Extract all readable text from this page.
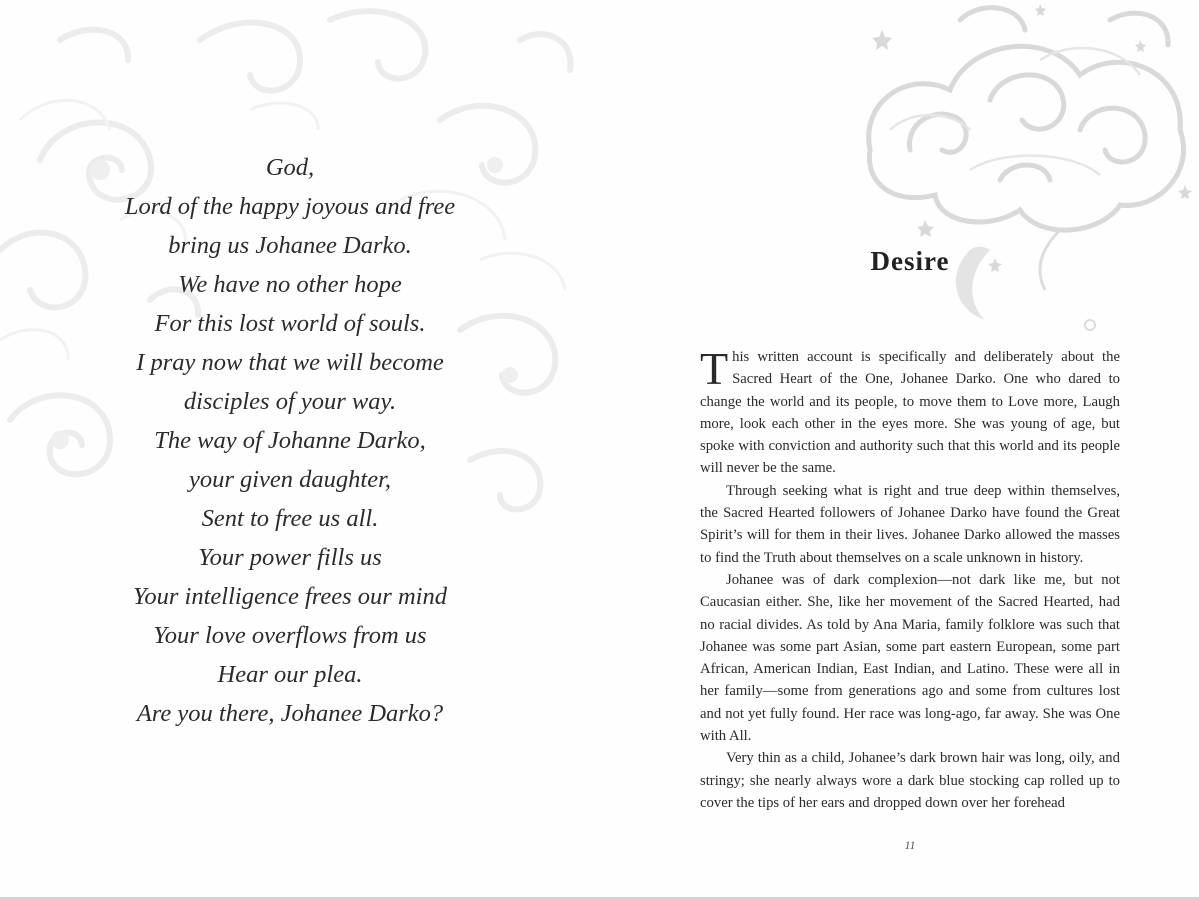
God,
Lord of the happy joyous and free
bring us Johanee Darko.
We have no other hope
For this lost world of souls.
I pray now that we will become
disciples of your way.
The way of Johanne Darko,
your given daughter,
Sent to free us all.
Your power fills us
Your intelligence frees our mind
Your love overflows from us
Hear our plea.
Are you there, Johanee Darko?
Desire

This written account is specifically and deliberately about the Sacred Heart of the One, Johanee Darko. One who dared to change the world and its people, to move them to Love more, Laugh more, look each other in the eyes more. She was young of age, but spoke with conviction and authority such that this world and its people will never be the same.

Through seeking what is right and true deep within themselves, the Sacred Hearted followers of Johanee Darko have found the Great Spirit’s will for them in their lives. Johanee Darko allowed the masses to find the Truth about themselves on a scale unknown in history.

Johanee was of dark complexion—not dark like me, but not Caucasian either. She, like her movement of the Sacred Hearted, had no racial divides. As told by Ana Maria, family folklore was such that Johanee was some part Asian, some part eastern European, some part African, American Indian, East Indian, and Latino. These were all in her family—some from generations ago and some from cultures lost and not yet fully found. Her race was long-ago, far away. She was One with All.

Very thin as a child, Johanee’s dark brown hair was long, oily, and stringy; she nearly always wore a dark blue stocking cap rolled up to cover the tips of her ears and dropped down over her forehead

11
